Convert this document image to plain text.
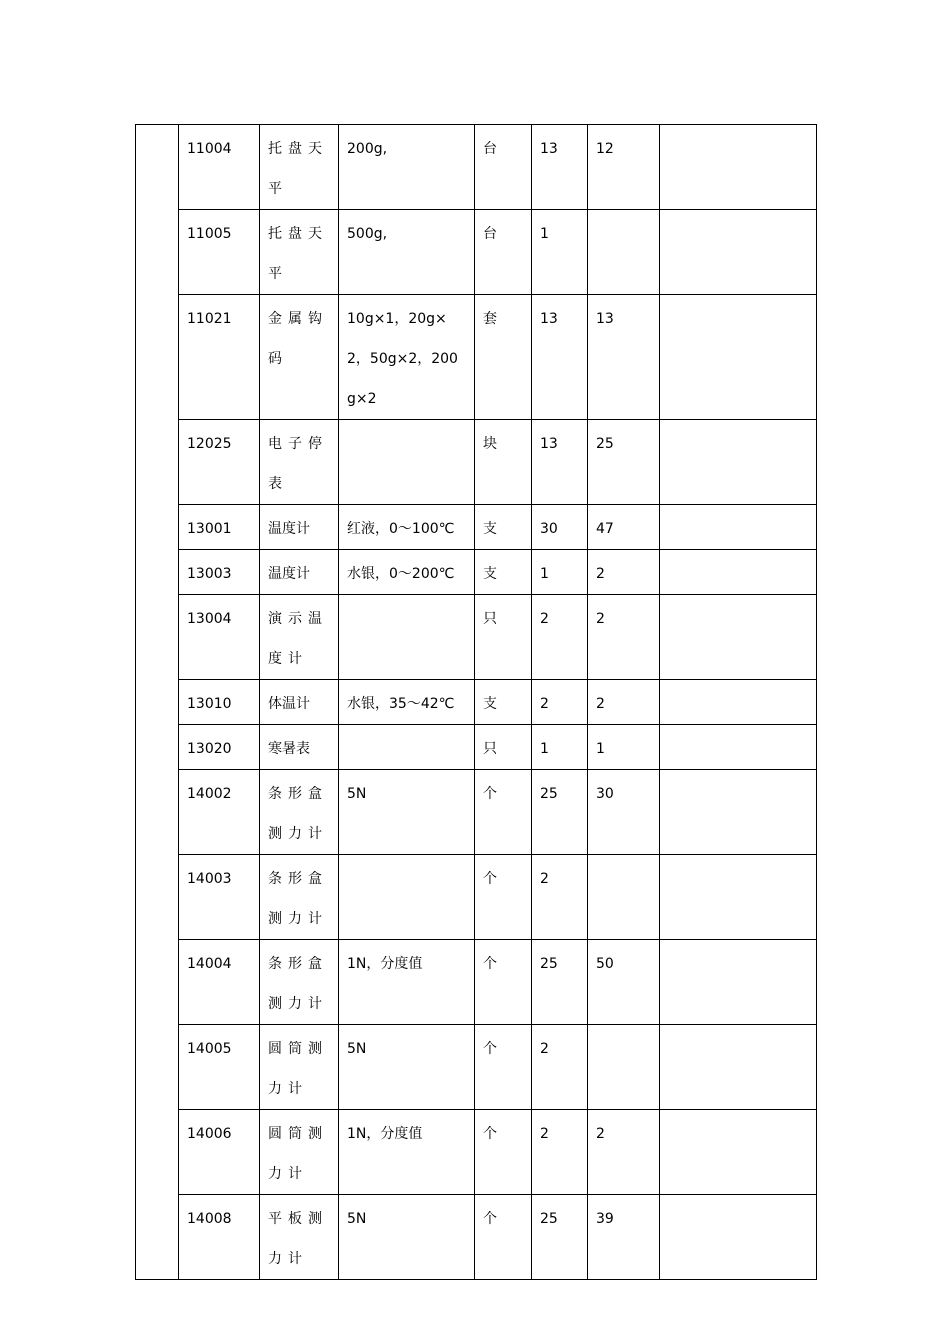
	11004	托盘天平	200g,	台	13	12	
	11005	托盘天平	500g,	台	1		
	11021	金属钩码	10g×1，20g×2，50g×2，200g×2	套	13	13	
	12025	电子停表		块	13	25	
	13001	温度计	红液，0～100℃	支	30	47	
	13003	温度计	水银，0～200℃	支	1	2	
	13004	演示温度计		只	2	2	
	13010	体温计	水银，35～42℃	支	2	2	
	13020	寒暑表		只	1	1	
	14002	条形盒测力计	5N	个	25	30	
	14003	条形盒测力计		个	2		
	14004	条形盒测力计	1N，分度值	个	25	50	
	14005	圆筒测力计	5N	个	2		
	14006	圆筒测力计	1N，分度值	个	2	2	
	14008	平板测力计	5N	个	25	39	
